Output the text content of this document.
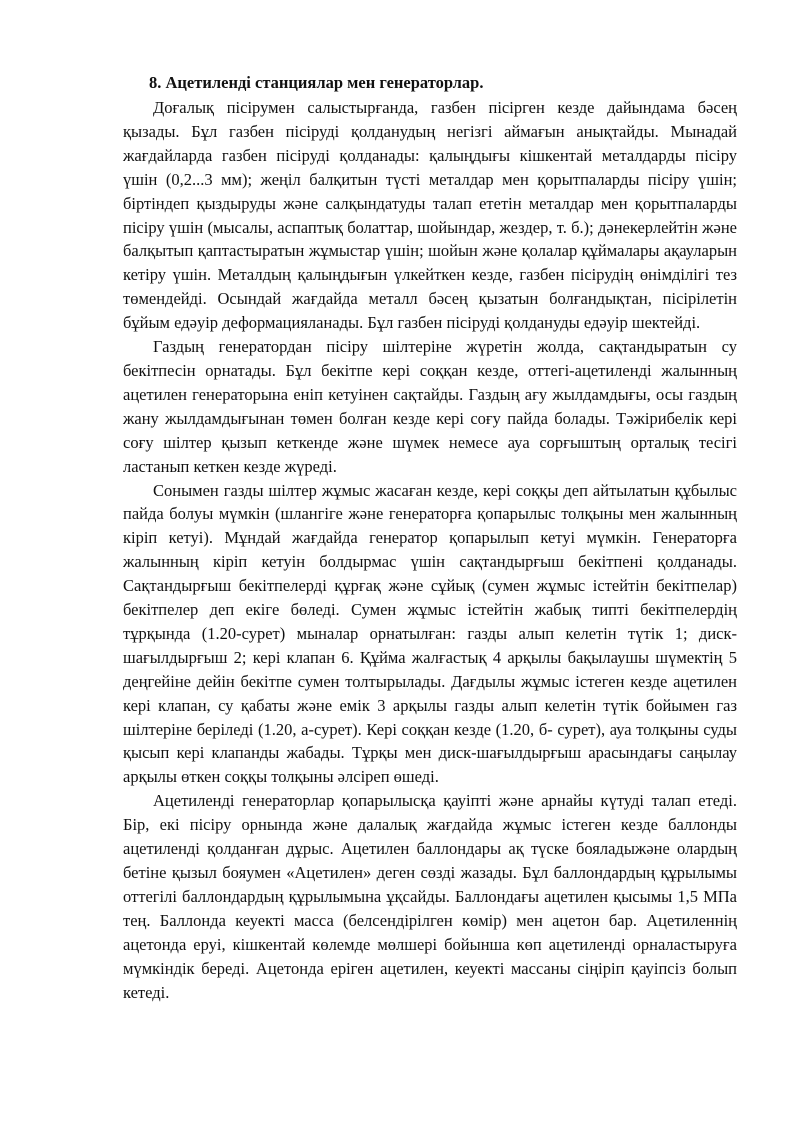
8. Ацетиленді станциялар мен генераторлар.

Доғалық пісірумен салыстырғанда, газбен пісірген кезде дайындама бәсең қызады. Бұл газбен пісіруді қолданудың негізгі аймағын анықтайды. Мынадай жағдайларда газбен пісіруді қолданады: қалыңдығы кішкентай металдарды пісіру үшін (0,2...3 мм); жеңіл балқитын түсті металдар мен қорытпаларды пісіру үшін; біртіндеп қыздыруды және салқындатуды талап ететін металдар мен қорытпаларды пісіру үшін (мысалы, аспаптық болаттар, шойындар, жездер, т. б.); дәнекерлейтін және балқытып қаптастыратын жұмыстар үшін; шойын және қолалар құймалары ақауларын кетіру үшін. Металдың қалыңдығын үлкейткен кезде, газбен пісірудің өнімділігі тез төмендейді. Осындай жағдайда металл бәсең қызатын болғандықтан, пісірілетін бұйым едәуір деформацияланады. Бұл газбен пісіруді қолдануды едәуір шектейді.

Газдың генератордан пісіру шілтеріне жүретін жолда, сақтандыратын су бекітпесін орнатады. Бұл бекітпе кері соққан кезде, оттегі-ацетиленді жалынның ацетилен генераторына еніп кетуінен сақтайды. Газдың ағу жылдамдығы, осы газдың жану жылдамдығынан төмен болған кезде кері соғу пайда болады. Тәжірибелік кері соғу шілтер қызып кеткенде және шүмек немесе ауа сорғыштың орталық тесігі ластанып кеткен кезде жүреді.

Сонымен газды шілтер жұмыс жасаған кезде, кері соққы деп айтылатын құбылыс пайда болуы мүмкін (шлангіге және генераторға қопарылыс толқыны мен жалынның кіріп кетуі). Мұндай жағдайда генератор қопарылып кетуі мүмкін. Генераторға жалынның кіріп кетуін болдырмас үшін сақтандырғыш бекітпені қолданады. Сақтандырғыш бекітпелерді құрғақ және сұйық (сумен жұмыс істейтін бекітпелар) бекітпелер деп екіге бөледі. Сумен жұмыс істейтін жабық типті бекітпелердің тұрқында (1.20-сурет) мыналар орнатылған: газды алып келетін түтік 1; диск- шағылдырғыш 2; кері клапан 6. Құйма жалғастық 4 арқылы бақылаушы шүмектің 5 деңгейіне дейін бекітпе сумен толтырылады. Дағдылы жұмыс істеген кезде ацетилен кері клапан, су қабаты және емік 3 арқылы газды алып келетін түтік бойымен газ шілтеріне беріледі (1.20, а-сурет). Кері соққан кезде (1.20, б- сурет), ауа толқыны суды қысып кері клапанды жабады. Тұрқы мен диск-шағылдырғыш арасындағы саңылау арқылы өткен соққы толқыны әлсіреп өшеді.

Ацетиленді генераторлар қопарылысқа қауіпті және арнайы күтуді талап етеді. Бір, екі пісіру орнында және далалық жағдайда жұмыс істеген кезде баллонды ацетиленді қолданған дұрыс. Ацетилен баллондары ақ түске бояладыжәне олардың бетіне қызыл бояумен «Ацетилен» деген сөзді жазады. Бұл баллондардың құрылымы оттегілі баллондардың құрылымына ұқсайды. Баллондағы ацетилен қысымы 1,5 МПа тең. Баллонда кеуекті масса (белсендірілген көмір) мен ацетон бар. Ацетиленнің ацетонда еруі, кішкентай көлемде мөлшері бойынша көп ацетиленді орналастыруға мүмкіндік береді. Ацетонда еріген ацетилен, кеуекті массаны сіңіріп қауіпсіз болып кетеді.
